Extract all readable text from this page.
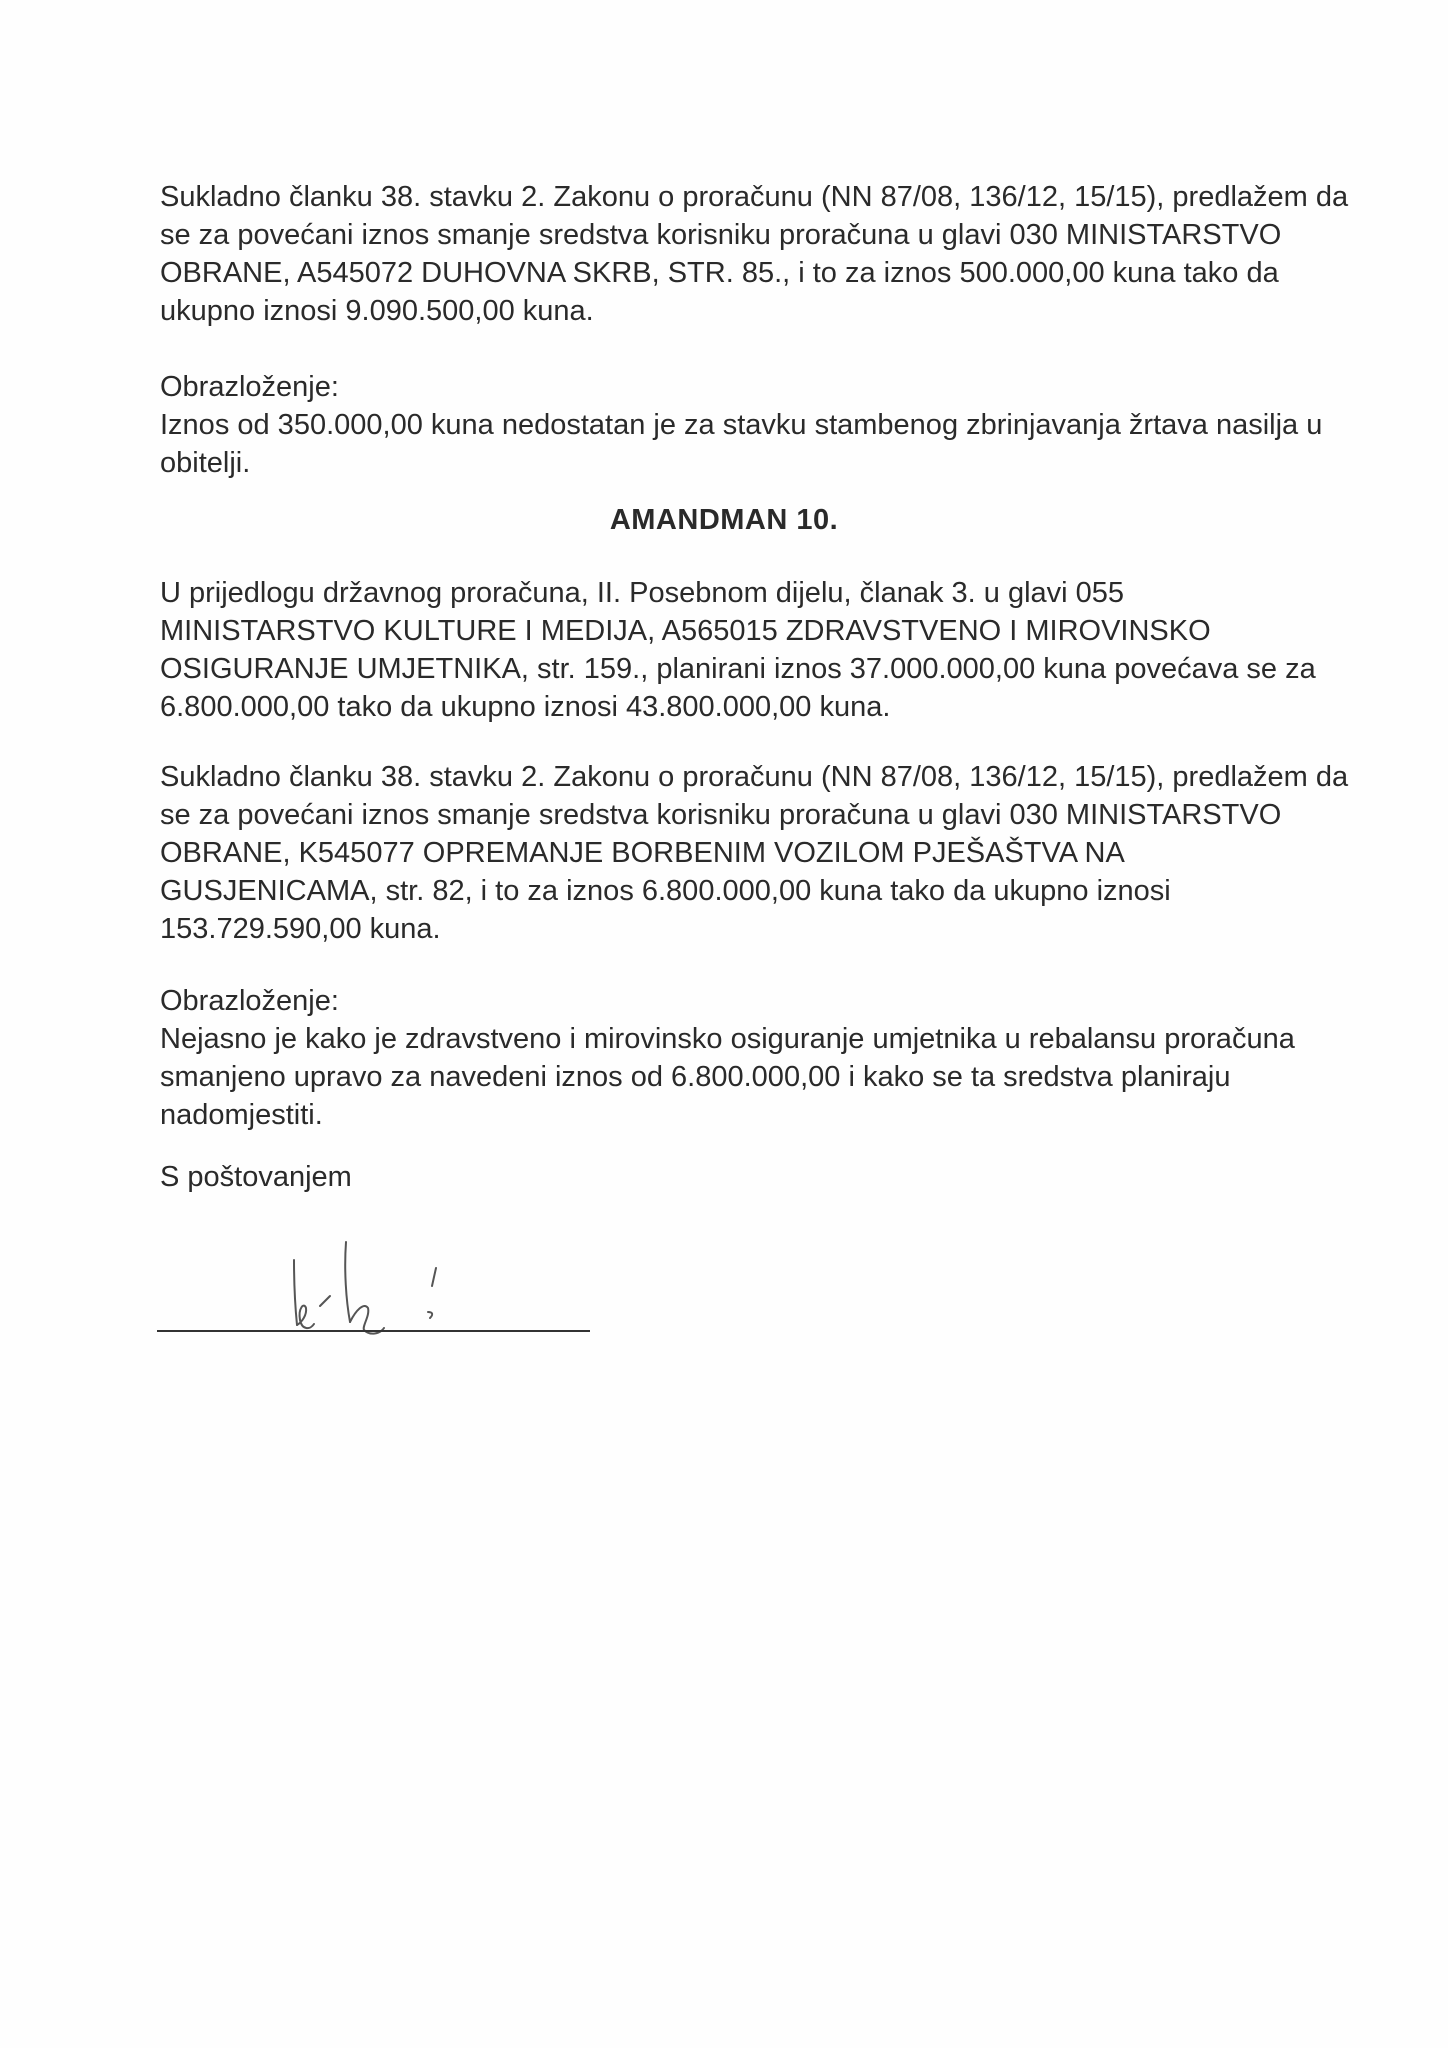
Sukladno članku 38. stavku 2. Zakonu o proračunu (NN 87/08, 136/12, 15/15), predlažem da
se za povećani iznos smanje sredstva korisniku proračuna u glavi 030 MINISTARSTVO
OBRANE, A545072 DUHOVNA SKRB, STR. 85., i to za iznos 500.000,00 kuna tako da
ukupno iznosi 9.090.500,00 kuna.
Obrazloženje:
Iznos od 350.000,00 kuna nedostatan je za stavku stambenog zbrinjavanja žrtava nasilja u
obitelji.
AMANDMAN 10.
U prijedlogu državnog proračuna, II. Posebnom dijelu, članak 3. u glavi 055
MINISTARSTVO KULTURE I MEDIJA, A565015 ZDRAVSTVENO I MIROVINSKO
OSIGURANJE UMJETNIKA, str. 159., planirani iznos 37.000.000,00 kuna povećava se za
6.800.000,00 tako da ukupno iznosi 43.800.000,00 kuna.
Sukladno članku 38. stavku 2. Zakonu o proračunu (NN 87/08, 136/12, 15/15), predlažem da
se za povećani iznos smanje sredstva korisniku proračuna u glavi 030 MINISTARSTVO
OBRANE, K545077 OPREMANJE BORBENIM VOZILOM PJEŠAŠTVA NA
GUSJENICAMA, str. 82, i to za iznos 6.800.000,00 kuna tako da ukupno iznosi
153.729.590,00 kuna.
Obrazloženje:
Nejasno je kako je zdravstveno i mirovinsko osiguranje umjetnika u rebalansu proračuna
smanjeno upravo za navedeni iznos od 6.800.000,00 i kako se ta sredstva planiraju
nadomjestiti.
S poštovanjem
